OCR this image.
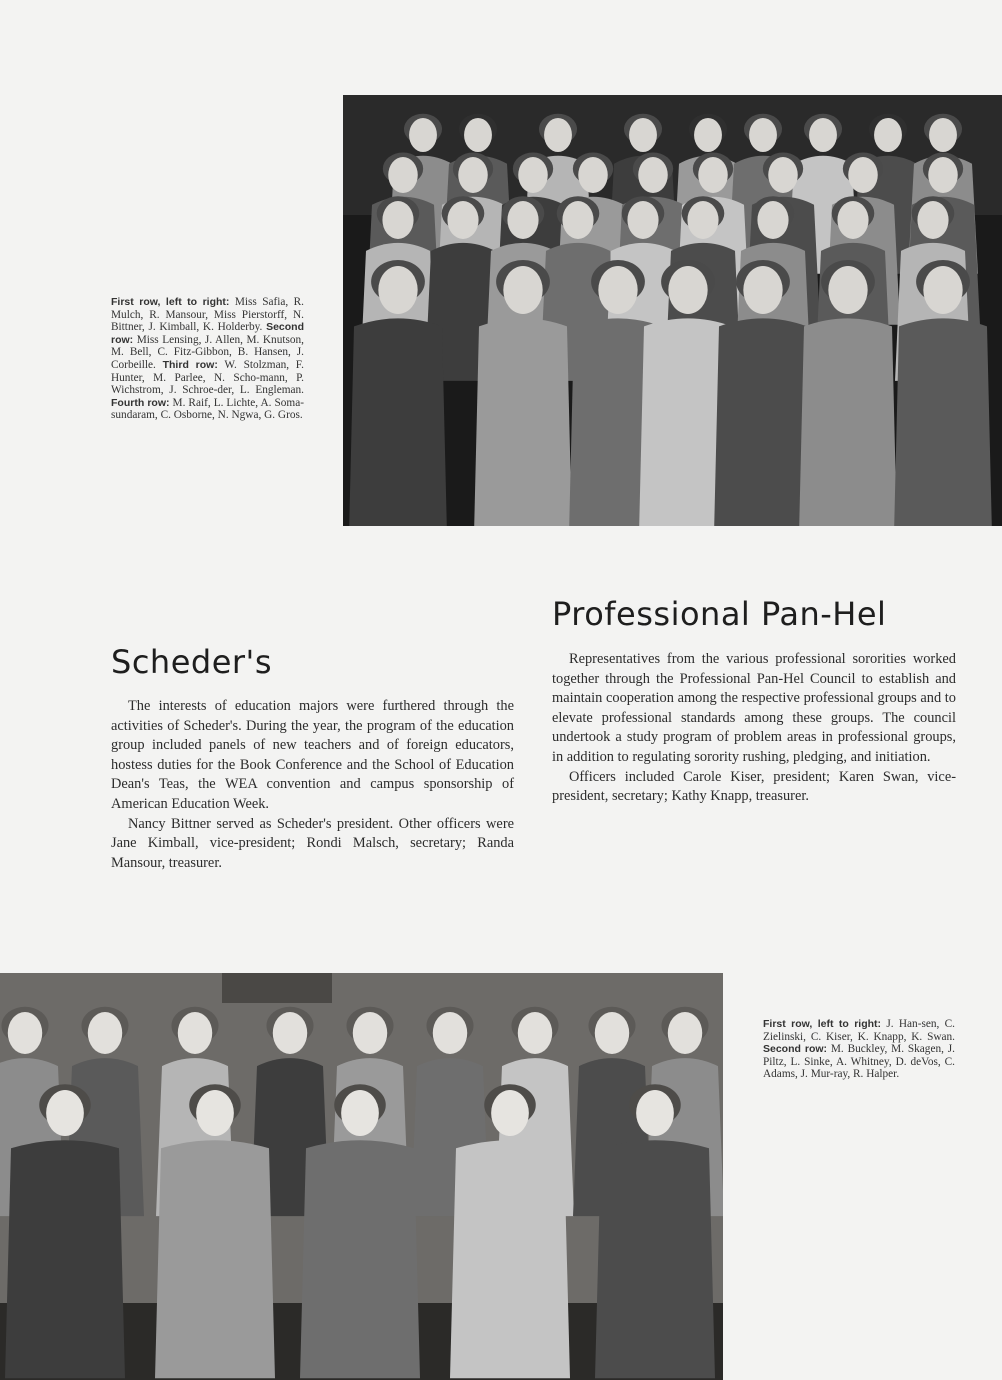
First row, left to right: Miss Safia, R. Mulch, R. Mansour, Miss Pierstorff, N. Bittner, J. Kimball, K. Holderby. Second row: Miss Lensing, J. Allen, M. Knutson, M. Bell, C. Fitz-Gibbon, B. Hansen, J. Corbeille. Third row: W. Stolzman, F. Hunter, M. Parlee, N. Scho-mann, P. Wichstrom, J. Schroe-der, L. Engleman. Fourth row: M. Raif, L. Lichte, A. Soma-sundaram, C. Osborne, N. Ngwa, G. Gros.
Professional Pan-Hel

Representatives from the various professional sororities worked together through the Professional Pan-Hel Council to establish and maintain cooperation among the respective professional groups and to elevate professional standards among these groups. The council undertook a study program of problem areas in professional groups, in addition to regulating sorority rushing, pledging, and initiation.

Officers included Carole Kiser, president; Karen Swan, vice-president, secretary; Kathy Knapp, treasurer.

Scheder's

The interests of education majors were furthered through the activities of Scheder's. During the year, the program of the education group included panels of new teachers and of foreign educators, hostess duties for the Book Conference and the School of Education Dean's Teas, the WEA convention and campus sponsorship of American Education Week.

Nancy Bittner served as Scheder's president. Other officers were Jane Kimball, vice-president; Rondi Malsch, secretary; Randa Mansour, treasurer.

First row, left to right: J. Han-sen, C. Zielinski, C. Kiser, K. Knapp, K. Swan. Second row: M. Buckley, M. Skagen, J. Piltz, L. Sinke, A. Whitney, D. deVos, C. Adams, J. Mur-ray, R. Halper.
